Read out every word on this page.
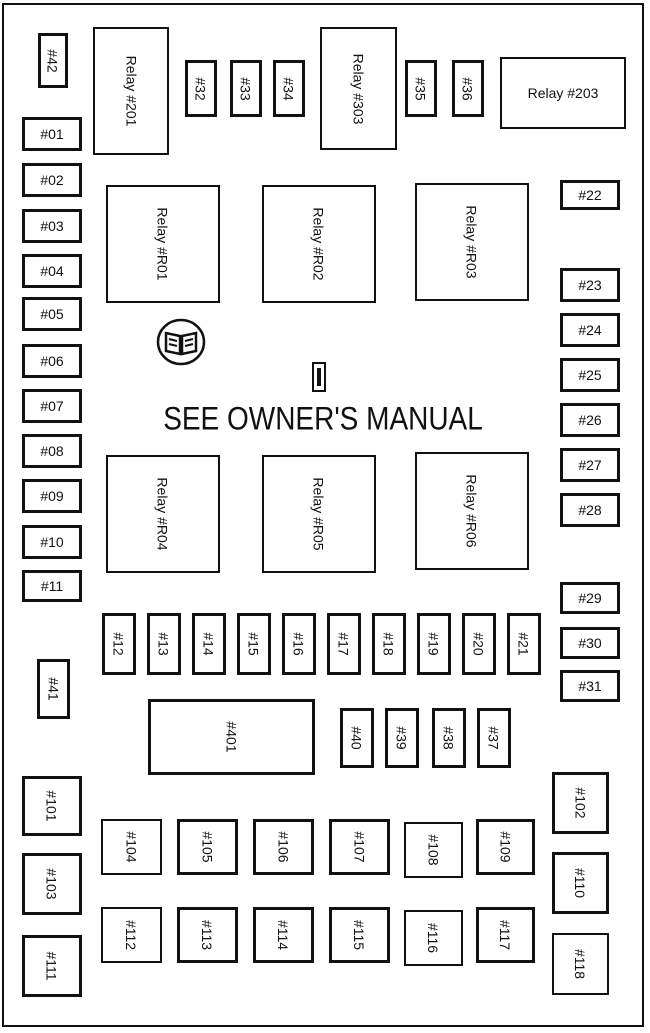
#42	Relay #201	#32 #33 #34	Relay #303	#35 #36	Relay #203
#01
#02
#03
#04
#05
#06
#07
#08
#09
#10
#11
Relay #R01	Relay #R02	Relay #R03
#22
#23
#24
#25
#26
#27
#28
#29
#30
#31
SEE OWNER'S MANUAL
Relay #R04	Relay #R05	Relay #R06
#12 #13 #14 #15 #16 #17 #18 #19 #20 #21
#41
#401	#40 #39 #38 #37
#101
#103
#111
#102
#110
#118
#104	#105	#106	#107	#108	#109
#112	#113	#114	#115	#116	#117
